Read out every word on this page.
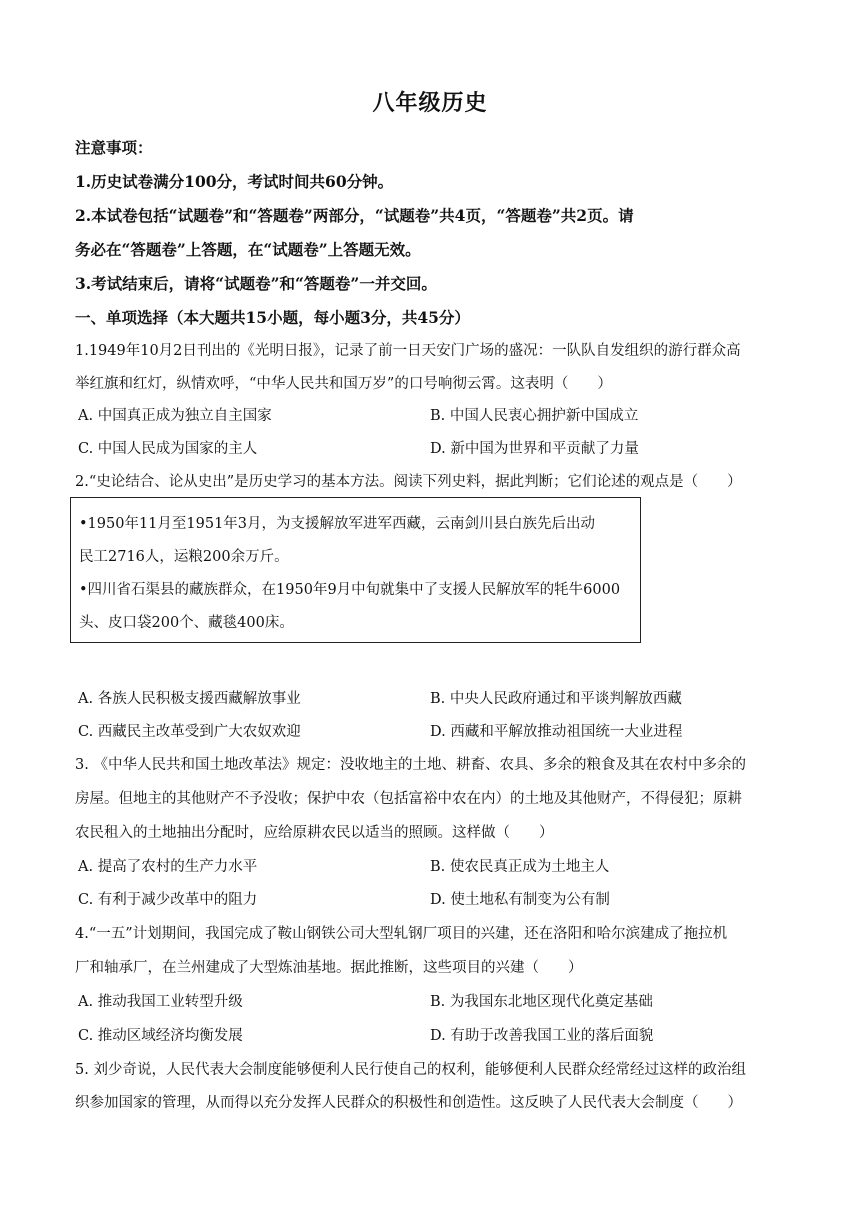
八年级历史
注意事项：
1.历史试卷满分100分，考试时间共60分钟。
2.本试卷包括“试题卷”和“答题卷”两部分，“试题卷”共4页，“答题卷”共2页。请
务必在“答题卷”上答题，在“试题卷”上答题无效。
3.考试结束后，请将“试题卷”和“答题卷”一并交回。
一、单项选择（本大题共15小题，每小题3分，共45分）
1.1949年10月2日刊出的《光明日报》，记录了前一日天安门广场的盛况：一队队自发组织的游行群众高
举红旗和红灯，纵情欢呼，“中华人民共和国万岁”的口号响彻云霄。这表明（　　）
A. 中国真正成为独立自主国家	B. 中国人民衷心拥护新中国成立
C. 中国人民成为国家的主人	D. 新中国为世界和平贡献了力量
2.“史论结合、论从史出”是历史学习的基本方法。阅读下列史料，据此判断；它们论述的观点是（　　）
•1950年11月至1951年3月，为支援解放军进军西藏，云南剑川县白族先后出动
民工2716人，运粮200余万斤。
•四川省石渠县的藏族群众，在1950年9月中旬就集中了支援人民解放军的牦牛6000
头、皮口袋200个、藏毯400床。
A. 各族人民积极支援西藏解放事业	B. 中央人民政府通过和平谈判解放西藏
C. 西藏民主改革受到广大农奴欢迎	D. 西藏和平解放推动祖国统一大业进程
3. 《中华人民共和国土地改革法》规定：没收地主的土地、耕畜、农具、多余的粮食及其在农村中多余的
房屋。但地主的其他财产不予没收；保护中农（包括富裕中农在内）的土地及其他财产，不得侵犯；原耕
农民租入的土地抽出分配时，应给原耕农民以适当的照顾。这样做（　　）
A. 提高了农村的生产力水平	B. 使农民真正成为土地主人
C. 有利于减少改革中的阻力	D. 使土地私有制变为公有制
4.“一五”计划期间，我国完成了鞍山钢铁公司大型轧钢厂项目的兴建，还在洛阳和哈尔滨建成了拖拉机
厂和轴承厂，在兰州建成了大型炼油基地。据此推断，这些项目的兴建（　　）
A. 推动我国工业转型升级	B. 为我国东北地区现代化奠定基础
C. 推动区域经济均衡发展	D. 有助于改善我国工业的落后面貌
5. 刘少奇说，人民代表大会制度能够便利人民行使自己的权利，能够便利人民群众经常经过这样的政治组
织参加国家的管理，从而得以充分发挥人民群众的积极性和创造性。这反映了人民代表大会制度（　　）
